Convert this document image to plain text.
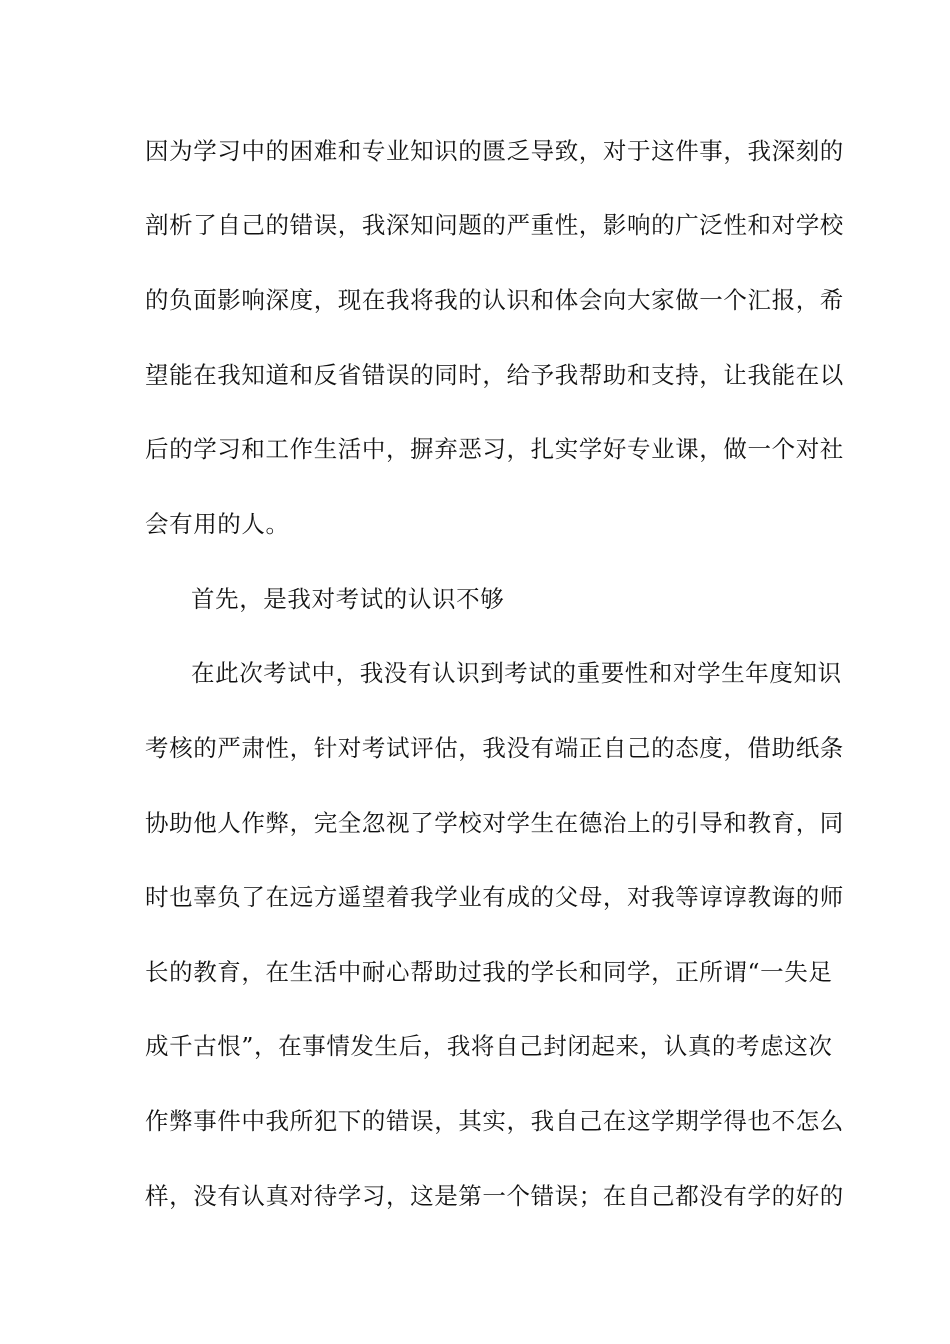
因为学习中的困难和专业知识的匮乏导致，对于这件事，我深刻的
剖析了自己的错误，我深知问题的严重性，影响的广泛性和对学校
的负面影响深度，现在我将我的认识和体会向大家做一个汇报，希
望能在我知道和反省错误的同时，给予我帮助和支持，让我能在以
后的学习和工作生活中，摒弃恶习，扎实学好专业课，做一个对社
会有用的人。
首先，是我对考试的认识不够
在此次考试中，我没有认识到考试的重要性和对学生年度知识
考核的严肃性，针对考试评估，我没有端正自己的态度，借助纸条
协助他人作弊，完全忽视了学校对学生在德治上的引导和教育，同
时也辜负了在远方遥望着我学业有成的父母，对我等谆谆教诲的师
长的教育，在生活中耐心帮助过我的学长和同学，正所谓“一失足
成千古恨”，在事情发生后，我将自己封闭起来，认真的考虑这次
作弊事件中我所犯下的错误，其实，我自己在这学期学得也不怎么
样，没有认真对待学习，这是第一个错误；在自己都没有学的好的
